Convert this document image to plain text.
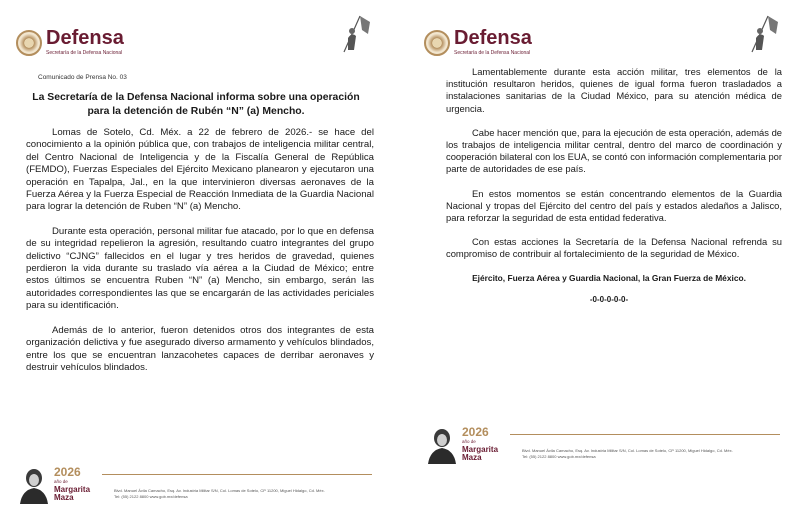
Defensa
Secretaría de la Defensa Nacional
Comunicado de Prensa No. 03
La Secretaría de la Defensa Nacional informa sobre una operación para la detención de Rubén “N” (a) Mencho.

Lomas de Sotelo, Cd. Méx. a 22 de febrero de 2026.- se hace del conocimiento a la opinión pública que, con trabajos de inteligencia militar central, del Centro Nacional de Inteligencia y de la Fiscalía General de República (FEMDO), Fuerzas Especiales del Ejército Mexicano planearon y ejecutaron una operación en Tapalpa, Jal., en la que intervinieron diversas aeronaves de la Fuerza Aérea y la Fuerza Especial de Reacción Inmediata de la Guardia Nacional para lograr la detención de Ruben “N” (a) Mencho.

Durante esta operación, personal militar fue atacado, por lo que en defensa de su integridad repelieron la agresión, resultando cuatro integrantes del grupo delictivo “CJNG” fallecidos en el lugar y tres heridos de gravedad, quienes perdieron la vida durante su traslado vía aérea a la Ciudad de México; entre estos últimos se encuentra Ruben “N” (a) Mencho, sin embargo, serán las autoridades correspondientes las que se encargarán de las actividades periciales para su identificación.

Además de lo anterior, fueron detenidos otros dos integrantes de esta organización delictiva y fue asegurado diverso armamento y vehículos blindados, entre los que se encuentran lanzacohetes capaces de derribar aeronaves y destruir vehículos blindados.

2026
año de
Margarita
Maza
Blvd. Manuel Ávila Camacho, Esq. Av. Industria Militar S/N, Col. Lomas de Sotelo, CP 11200, Miguel Hidalgo, Cd. Méx.
Tel: (55) 2122 8800 www.gob.mx/defensa
Defensa
Secretaría de la Defensa Nacional

Lamentablemente durante esta acción militar, tres elementos de la institución resultaron heridos, quienes de igual forma fueron trasladados a instalaciones sanitarias de la Ciudad México, para su atención médica de urgencia.

Cabe hacer mención que, para la ejecución de esta operación, además de los trabajos de inteligencia militar central, dentro del marco de coordinación y cooperación bilateral con los EUA, se contó con información complementaria por parte de autoridades de ese país.

En estos momentos se están concentrando elementos de la Guardia Nacional y tropas del Ejército del centro del país y estados aledaños a Jalisco, para reforzar la seguridad de esta entidad federativa.

Con estas acciones la Secretaría de la Defensa Nacional refrenda su compromiso de contribuir al fortalecimiento de la seguridad de México.

Ejército, Fuerza Aérea y Guardia Nacional, la Gran Fuerza de México.
-0-0-0-0-0-
2026
año de
Margarita
Maza
Blvd. Manuel Ávila Camacho, Esq. Av. Industria Militar S/N, Col. Lomas de Sotelo, CP 11200, Miguel Hidalgo, Cd. Méx.
Tel: (55) 2122 8800 www.gob.mx/defensa
